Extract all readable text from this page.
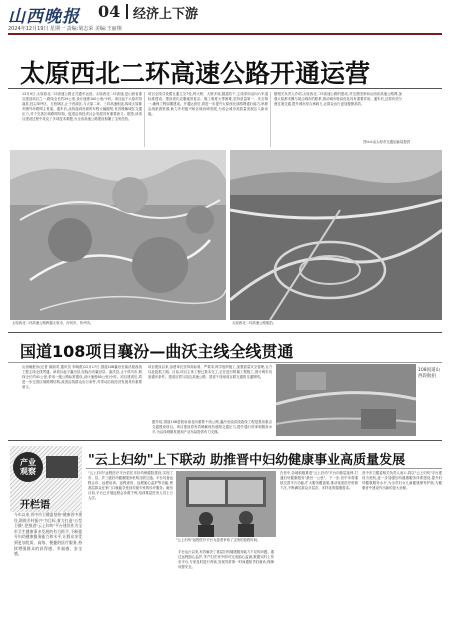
山西晚报	04 经济上下游
2024年12月19日 星期一 责编:梁志荣 美编:王丽翔
太原西北二环高速公路开通运营
12月9日,太原西北二环高速公路正式通车运营。太原西北二环高速,是山西省重点建设项目之一,路线全长约29公里,设计速度100公里/小时。项目起于太原市阳曲县,经尖草坪区、万柏林区,止于晋源区,与太原二环、三环高速相连,构成太原都市圈外环路网主骨架。通车后,从阳曲到晋源的车程大幅缩短,有效缓解城区交通压力,对于完善区域路网结构、促进沿线经济社会发展具有重要意义。据悉,该项目建设过程中攻克了多项技术难题,为全省高速公路建设积累了宝贵经验。
项目全线共设置互通立交7处,特大桥、大桥多座,隧道若干,主线采用双向六车道标准建设。建设者们克服地形复杂、施工难度大等困难,坚持质量第一、安全第一,确保工程如期建成。开通运营后,将进一步提升太原西北部路网通行能力,串联沿线旅游资源,助力乡村振兴和区域协调发展,为省会城市高质量发展注入新动能。
据相关负责人介绍,太原西北二环高速公路的建成,对完善国家和山西省高速公路网,加强太原都市圈与周边城市的联系,推动城市格局优化具有重要作用。通车后,还将有效分流过境交通,提升城市综合承载力,让群众出行更加便捷高效。
图①②由太原市交通运输局提供
太原西北二环高速公路跨越太原市、汾河市、忻州市。	太原西北二环高速公路航拍。
国道108项目襄汾—曲沃主线全线贯通
山西晚报讯(记者 薛丽英 通讯员 李晓燕)12月17日,国道108襄汾至曲沃段改线工程主线全线贯通。该项目起于襄汾县,经临汾市襄汾县、曲沃县,止于侯马市,路线全长约41公里,采用一级公路标准建设,设计速度80公里/小时。项目建成后,将进一步完善区域路网结构,改善沿线群众出行条件,对带动沿线经济发展具有重要意义。
项目建设以来,参建单位坚持高标准、严要求,科学组织施工,加强质量安全管理,全力以赴抢抓工期。目前,项目主体工程已基本完工,正在进行附属工程施工,预计明年具备通车条件。建成后将与周边高速公路、国省干线形成互联互通的交通网络。
据介绍,国道108是我省南北向重要干线公路,襄汾至曲沃段改线工程是我省重点交通建设项目。项目建设将有效缓解现有道路交通压力,提升通行效率和服务水平,为沿线城镇发展和产业布局提供有力支撑。
108国道山西段航拍
产业
观察
开栏语
今年以来,晋中市卫健委坚持"健康晋中建设,助推乡村振兴"为目标,着力打造"五型卫健",把推进"云上妇幼"平台建设作为全市卫生健康事业发展的有力抓手,不断提升妇幼健康服务能力和水平,让群众享受到更加优质、高效、便捷的医疗服务,持续增强群众的获得感、幸福感、安全感。
"云上妇幼"上下联动 助推晋中妇幼健康事业高质量发展
"云上妇幼"远程医疗平台依托市妇幼保健院建设,实现了市、县、乡三级妇幼健康服务机构互联互通。平台具备远程会诊、远程培训、远程查房、远程胎心监护等功能,使基层群众在家门口就能享受到市级专家的诊疗服务。截至目前,平台已开展远程会诊数千例,培训基层医务人员上万人次。
"云上妇幼"远程医疗平台为患者争取了宝贵的抢救时间。
平台运行以来,有效解决了基层妇幼健康服务能力不足的问题。通过远程胎心监护,孕产妇在家中即可完成胎心监测,数据实时上传至平台,专家及时进行判读,发现异常第一时间通知孕妇就诊,保障母婴安全。
在晋中,各地积极推进"云上妇幼"平台向基层延伸,打通妇幼健康服务"最后一公里"。下一步,晋中市将继续完善平台功能,扩大服务覆盖面,推动优质医疗资源下沉,不断满足群众多层次、多样化的健康需求。
晋中市卫健委相关负责人表示,将以"云上妇幼"平台建设为契机,进一步加强妇幼健康服务体系建设,提升妇幼健康服务水平,为全市妇女儿童健康保驾护航,为健康晋中建设作出新的更大贡献。
